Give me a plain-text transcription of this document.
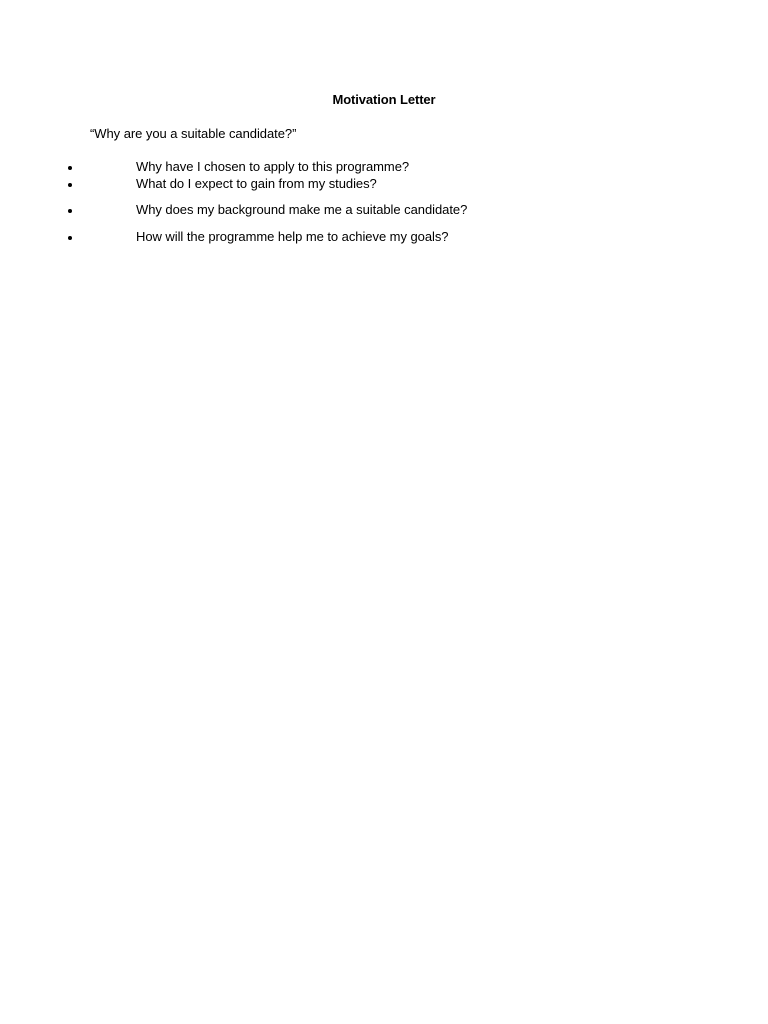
Motivation Letter
“Why are you a suitable candidate?”
Why have I chosen to apply to this programme?
What do I expect to gain from my studies?
Why does my background make me a suitable candidate?
How will the programme help me to achieve my goals?
